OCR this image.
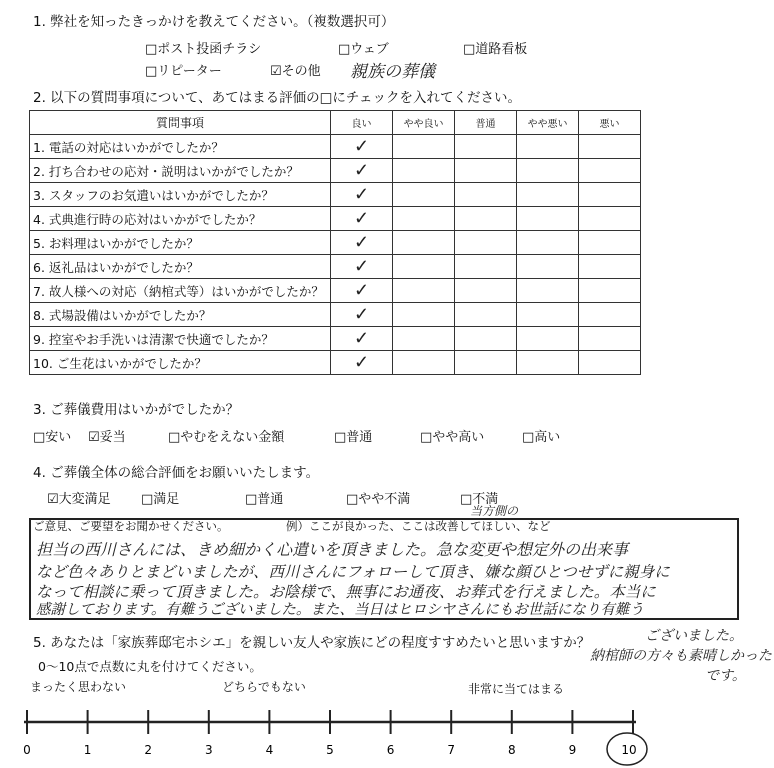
1. 弊社を知ったきっかけを教えてください。（複数選択可）
□ポスト投函チラシ	□ウェブ	□道路看板
□リピーター	☑その他 親族の葬儀
2. 以下の質問事項について、あてはまる評価の□にチェックを入れてください。
質問事項	良い	やや良い	普通	やや悪い	悪い
1. 電話の対応はいかがでしたか？	✓				
2. 打ち合わせの応対・説明はいかがでしたか？	✓				
3. スタッフのお気遣いはいかがでしたか？	✓				
4. 式典進行時の応対はいかがでしたか？	✓				
5. お料理はいかがでしたか？	✓				
6. 返礼品はいかがでしたか？	✓				
7. 故人様への対応（納棺式等）はいかがでしたか？	✓				
8. 式場設備はいかがでしたか？	✓				
9. 控室やお手洗いは清潔で快適でしたか？	✓				
10. ご生花はいかがでしたか？	✓				
3. ご葬儀費用はいかがでしたか？
□安い ☑妥当	□やむをえない金額	□普通	□やや高い	□高い
4. ご葬儀全体の総合評価をお願いいたします。
☑大変満足 □満足	□普通	□やや不満	□不満
ご意見、ご要望をお聞かせください。	例）ここが良かった、ここは改善してほしい、など
当方側の
担当の西川さんには、きめ細かく心遣いを頂きました。急な変更や想定外の出来事
など色々ありとまどいましたが、西川さんにフォローして頂き、嫌な顔ひとつせずに親身に
なって相談に乗って頂きました。お陰様で、無事にお通夜、お葬式を行えました。本当に
感謝しております。有難うございました。また、当日はヒロシヤさんにもお世話になり有難う
ございました。
納棺師の方々も素晴しかった
です。
5. あなたは「家族葬邸宅ホシエ」を親しい友人や家族にどの程度すすめたいと思いますか？
0〜10点で点数に丸を付けてください。
まったく思わない	どちらでもない	非常に当てはまる
0	1	2	3	4	5	6	7	8	9	10
